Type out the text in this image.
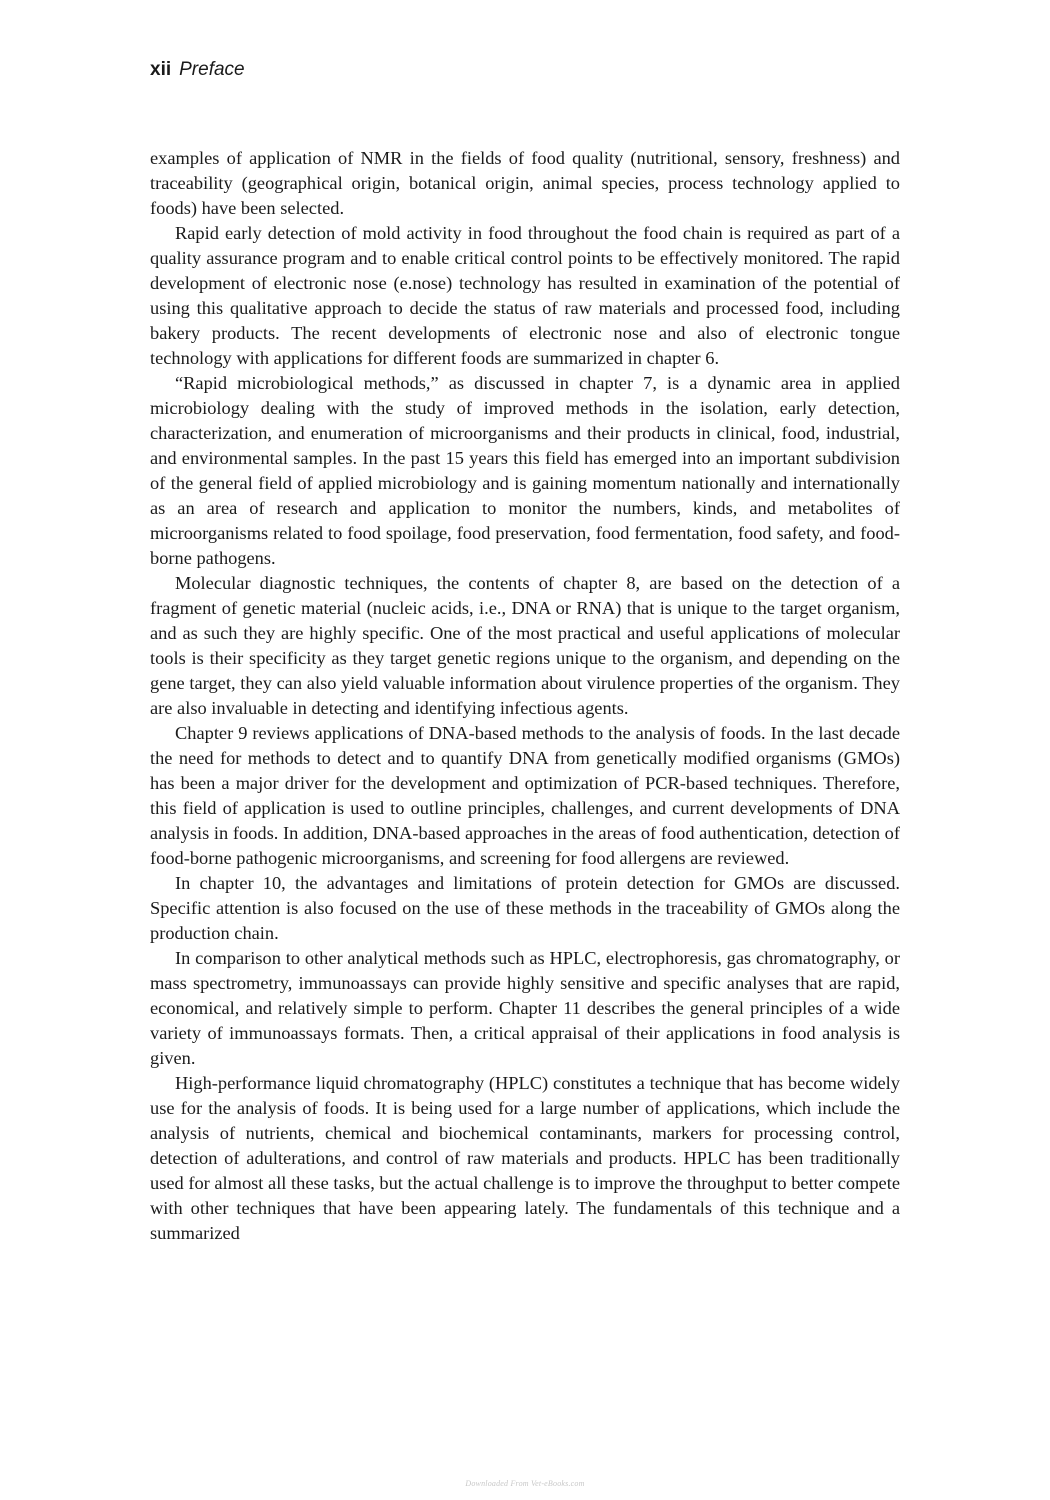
xii Preface

examples of application of NMR in the fields of food quality (nutritional, sensory, freshness) and traceability (geographical origin, botanical origin, animal species, process technology applied to foods) have been selected.

Rapid early detection of mold activity in food throughout the food chain is required as part of a quality assurance program and to enable critical control points to be effectively monitored. The rapid development of electronic nose (e.nose) technology has resulted in examination of the potential of using this qualitative approach to decide the status of raw materials and processed food, including bakery products. The recent developments of electronic nose and also of electronic tongue technology with applications for different foods are summarized in chapter 6.

“Rapid microbiological methods,” as discussed in chapter 7, is a dynamic area in applied microbiology dealing with the study of improved methods in the isolation, early detection, characterization, and enumeration of microorganisms and their products in clinical, food, industrial, and environmental samples. In the past 15 years this field has emerged into an important subdivision of the general field of applied microbiology and is gaining momentum nationally and internationally as an area of research and application to monitor the numbers, kinds, and metabolites of microorganisms related to food spoilage, food preservation, food fermentation, food safety, and food-borne pathogens.

Molecular diagnostic techniques, the contents of chapter 8, are based on the detection of a fragment of genetic material (nucleic acids, i.e., DNA or RNA) that is unique to the target organism, and as such they are highly specific. One of the most practical and useful applications of molecular tools is their specificity as they target genetic regions unique to the organism, and depending on the gene target, they can also yield valuable information about virulence properties of the organism. They are also invaluable in detecting and identifying infectious agents.

Chapter 9 reviews applications of DNA-based methods to the analysis of foods. In the last decade the need for methods to detect and to quantify DNA from genetically modified organisms (GMOs) has been a major driver for the development and optimization of PCR-based techniques. Therefore, this field of application is used to outline principles, challenges, and current developments of DNA analysis in foods. In addition, DNA-based approaches in the areas of food authentication, detection of food-borne pathogenic microorganisms, and screening for food allergens are reviewed.

In chapter 10, the advantages and limitations of protein detection for GMOs are discussed. Specific attention is also focused on the use of these methods in the traceability of GMOs along the production chain.

In comparison to other analytical methods such as HPLC, electrophoresis, gas chromatography, or mass spectrometry, immunoassays can provide highly sensitive and specific analyses that are rapid, economical, and relatively simple to perform. Chapter 11 describes the general principles of a wide variety of immunoassays formats. Then, a critical appraisal of their applications in food analysis is given.

High-performance liquid chromatography (HPLC) constitutes a technique that has become widely use for the analysis of foods. It is being used for a large number of applications, which include the analysis of nutrients, chemical and biochemical contaminants, markers for processing control, detection of adulterations, and control of raw materials and products. HPLC has been traditionally used for almost all these tasks, but the actual challenge is to improve the throughput to better compete with other techniques that have been appearing lately. The fundamentals of this technique and a summarized

Downloaded From Vet-eBooks.com
